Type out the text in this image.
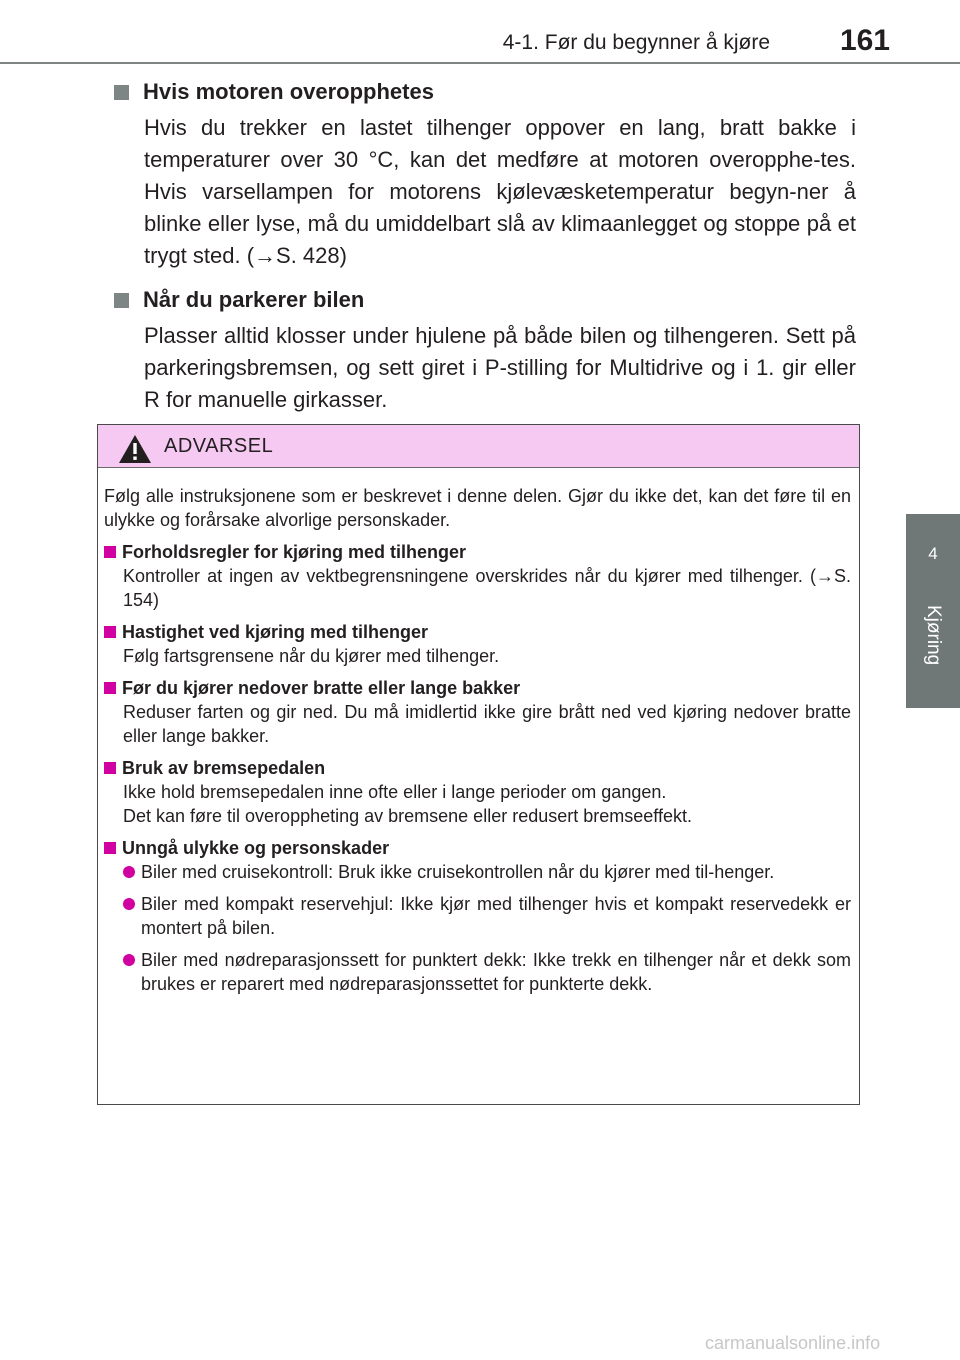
4-1. Før du begynner å kjøre	161
4
Kjøring
Hvis motoren overopphetes
Hvis du trekker en lastet tilhenger oppover en lang, bratt bakke i temperaturer over 30 °C, kan det medføre at motoren overopphe-tes. Hvis varsellampen for motorens kjølevæsketemperatur begyn-ner å blinke eller lyse, må du umiddelbart slå av klimaanlegget og stoppe på et trygt sted. (→S. 428)
Når du parkerer bilen
Plasser alltid klosser under hjulene på både bilen og tilhengeren. Sett på parkeringsbremsen, og sett giret i P-stilling for Multidrive og i 1. gir eller R for manuelle girkasser.
ADVARSEL
Følg alle instruksjonene som er beskrevet i denne delen. Gjør du ikke det, kan det føre til en ulykke og forårsake alvorlige personskader.
Forholdsregler for kjøring med tilhenger
Kontroller at ingen av vektbegrensningene overskrides når du kjører med tilhenger. (→S. 154)
Hastighet ved kjøring med tilhenger
Følg fartsgrensene når du kjører med tilhenger.
Før du kjører nedover bratte eller lange bakker
Reduser farten og gir ned. Du må imidlertid ikke gire brått ned ved kjøring nedover bratte eller lange bakker.
Bruk av bremsepedalen
Ikke hold bremsepedalen inne ofte eller i lange perioder om gangen.
Det kan føre til overoppheting av bremsene eller redusert bremseeffekt.
Unngå ulykke og personskader
Biler med cruisekontroll: Bruk ikke cruisekontrollen når du kjører med til-henger.
Biler med kompakt reservehjul: Ikke kjør med tilhenger hvis et kompakt reservedekk er montert på bilen.
Biler med nødreparasjonssett for punktert dekk: Ikke trekk en tilhenger når et dekk som brukes er reparert med nødreparasjonssettet for punkterte dekk.
carmanualsonline.info
